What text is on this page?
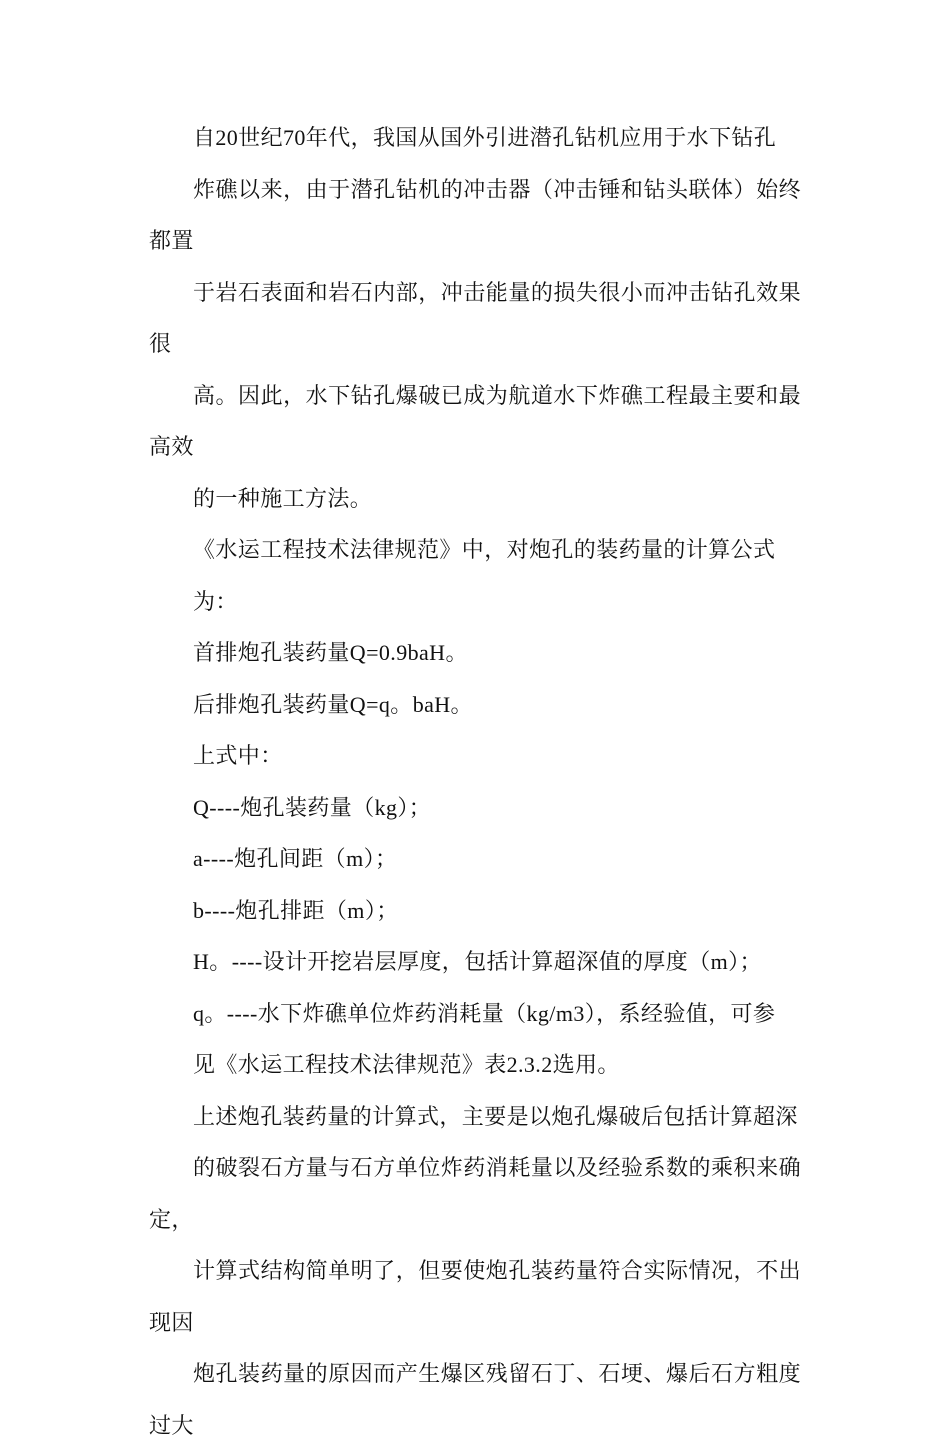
自20世纪70年代，我国从国外引进潜孔钻机应用于水下钻孔
炸礁以来，由于潜孔钻机的冲击器（冲击锤和钻头联体）始终都置
于岩石表面和岩石内部，冲击能量的损失很小而冲击钻孔效果很
高。因此，水下钻孔爆破已成为航道水下炸礁工程最主要和最高效
的一种施工方法。

《水运工程技术法律规范》中，对炮孔的装药量的计算公式
为：

首排炮孔装药量Q=0.9baH。

后排炮孔装药量Q=q。baH。

上式中：

Q----炮孔装药量（kg）；

a----炮孔间距（m）；

b----炮孔排距（m）；

H。----设计开挖岩层厚度，包括计算超深值的厚度（m）；

q。----水下炸礁单位炸药消耗量（kg/m3），系经验值，可参
见《水运工程技术法律规范》表2.3.2选用。

上述炮孔装药量的计算式，主要是以炮孔爆破后包括计算超深
的破裂石方量与石方单位炸药消耗量以及经验系数的乘积来确定，
计算式结构简单明了，但要使炮孔装药量符合实际情况，不出现因
炮孔装药量的原因而产生爆区残留石丁、石埂、爆后石方粗度过大
